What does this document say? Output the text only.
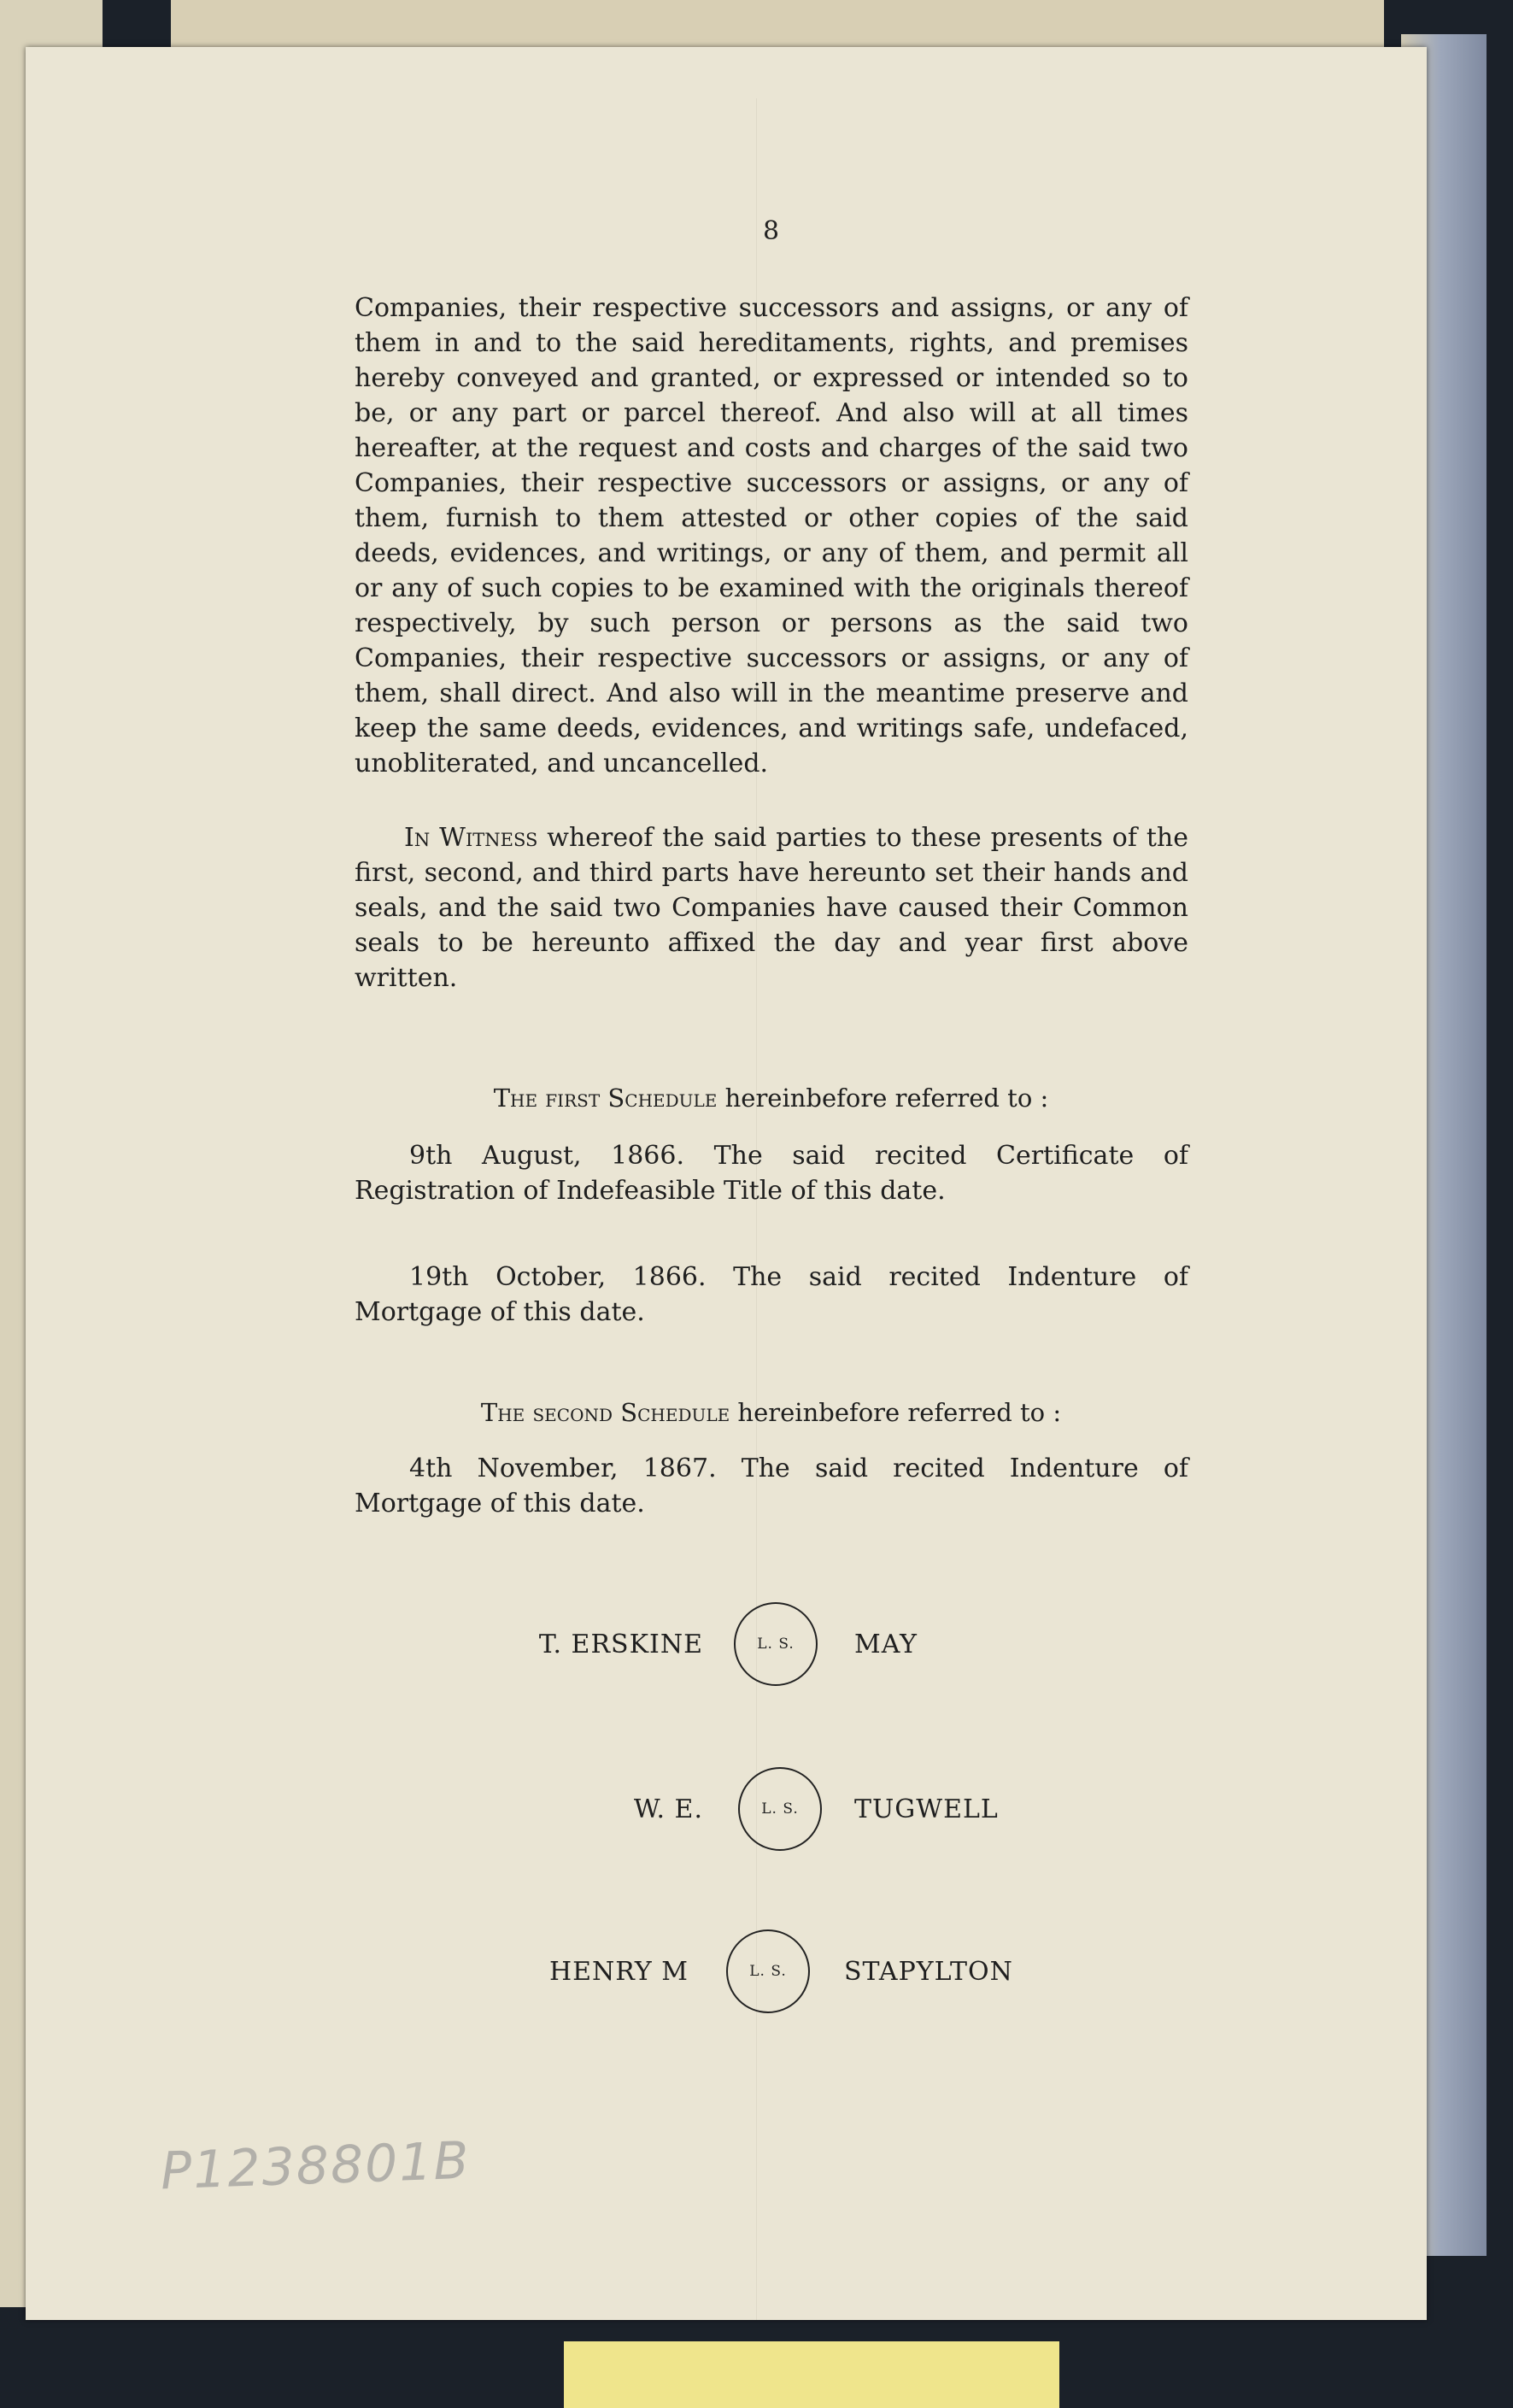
8

Companies, their respective successors and assigns, or any of them in and to the said hereditaments, rights, and premises hereby conveyed and granted, or expressed or intended so to be, or any part or parcel thereof. And also will at all times hereafter, at the request and costs and charges of the said two Companies, their respective successors or assigns, or any of them, furnish to them attested or other copies of the said deeds, evidences, and writings, or any of them, and permit all or any of such copies to be examined with the originals thereof respectively, by such person or persons as the said two Companies, their respective successors or assigns, or any of them, shall direct. And also will in the meantime preserve and keep the same deeds, evidences, and writings safe, undefaced, unobliterated, and uncancelled.

In Witness whereof the said parties to these presents of the first, second, and third parts have hereunto set their hands and seals, and the said two Companies have caused their Common seals to be hereunto affixed the day and year first above written.

The first Schedule hereinbefore referred to :

9th August, 1866. The said recited Certificate of Registration of Indefeasible Title of this date.

19th October, 1866. The said recited Indenture of Mortgage of this date.

The second Schedule hereinbefore referred to :

4th November, 1867. The said recited Indenture of Mortgage of this date.

T. ERSKINE	L. S.	MAY
W. E.	L. S.	TUGWELL
HENRY M	L. S.	STAPYLTON
P1238801B
